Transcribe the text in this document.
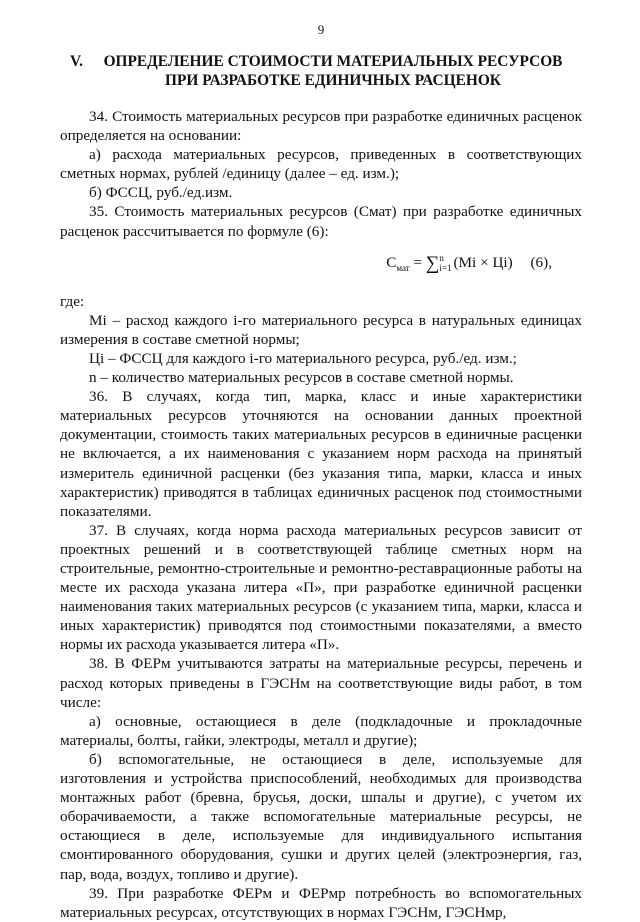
9
V.	ОПРЕДЕЛЕНИЕ СТОИМОСТИ МАТЕРИАЛЬНЫХ РЕСУРСОВ
ПРИ РАЗРАБОТКЕ ЕДИНИЧНЫХ РАСЦЕНОК

34. Стоимость материальных ресурсов при разработке единичных расценок определяется на основании:

а) расхода материальных ресурсов, приведенных в соответствующих сметных нормах, рублей /единицу (далее – ед. изм.);

б) ФССЦ, руб./ед.изм.

35. Стоимость материальных ресурсов (Смат) при разработке единичных расценок рассчитывается по формуле (6):

$С_{мат} = \sum n$
i=1 (Мi × Цi) (6),

где:

Мi – расход каждого i-го материального ресурса в натуральных единицах измерения в составе сметной нормы;

Цi – ФССЦ для каждого i-го материального ресурса, руб./ед. изм.;

n – количество материальных ресурсов в составе сметной нормы.

36. В случаях, когда тип, марка, класс и иные характеристики материальных ресурсов уточняются на основании данных проектной документации, стоимость таких материальных ресурсов в единичные расценки не включается, а их наименования с указанием норм расхода на принятый измеритель единичной расценки (без указания типа, марки, класса и иных характеристик) приводятся в таблицах единичных расценок под стоимостными показателями.

37. В случаях, когда норма расхода материальных ресурсов зависит от проектных решений и в соответствующей таблице сметных норм на строительные, ремонтно-строительные и ремонтно-реставрационные работы на месте их расхода указана литера «П», при разработке единичной расценки наименования таких материальных ресурсов (с указанием типа, марки, класса и иных характеристик) приводятся под стоимостными показателями, а вместо нормы их расхода указывается литера «П».

38. В ФЕРм учитываются затраты на материальные ресурсы, перечень и расход которых приведены в ГЭСНм на соответствующие виды работ, в том числе:

а) основные, остающиеся в деле (подкладочные и прокладочные материалы, болты, гайки, электроды, металл и другие);

б) вспомогательные, не остающиеся в деле, используемые для изготовления и устройства приспособлений, необходимых для производства монтажных работ (бревна, брусья, доски, шпалы и другие), с учетом их оборачиваемости, а также вспомогательные материальные ресурсы, не остающиеся в деле, используемые для индивидуального испытания смонтированного оборудования, сушки и других целей (электроэнергия, газ, пар, вода, воздух, топливо и другие).

39. При разработке ФЕРм и ФЕРмр потребность во вспомогательных материальных ресурсах, отсутствующих в нормах ГЭСНм, ГЭСНмр,
